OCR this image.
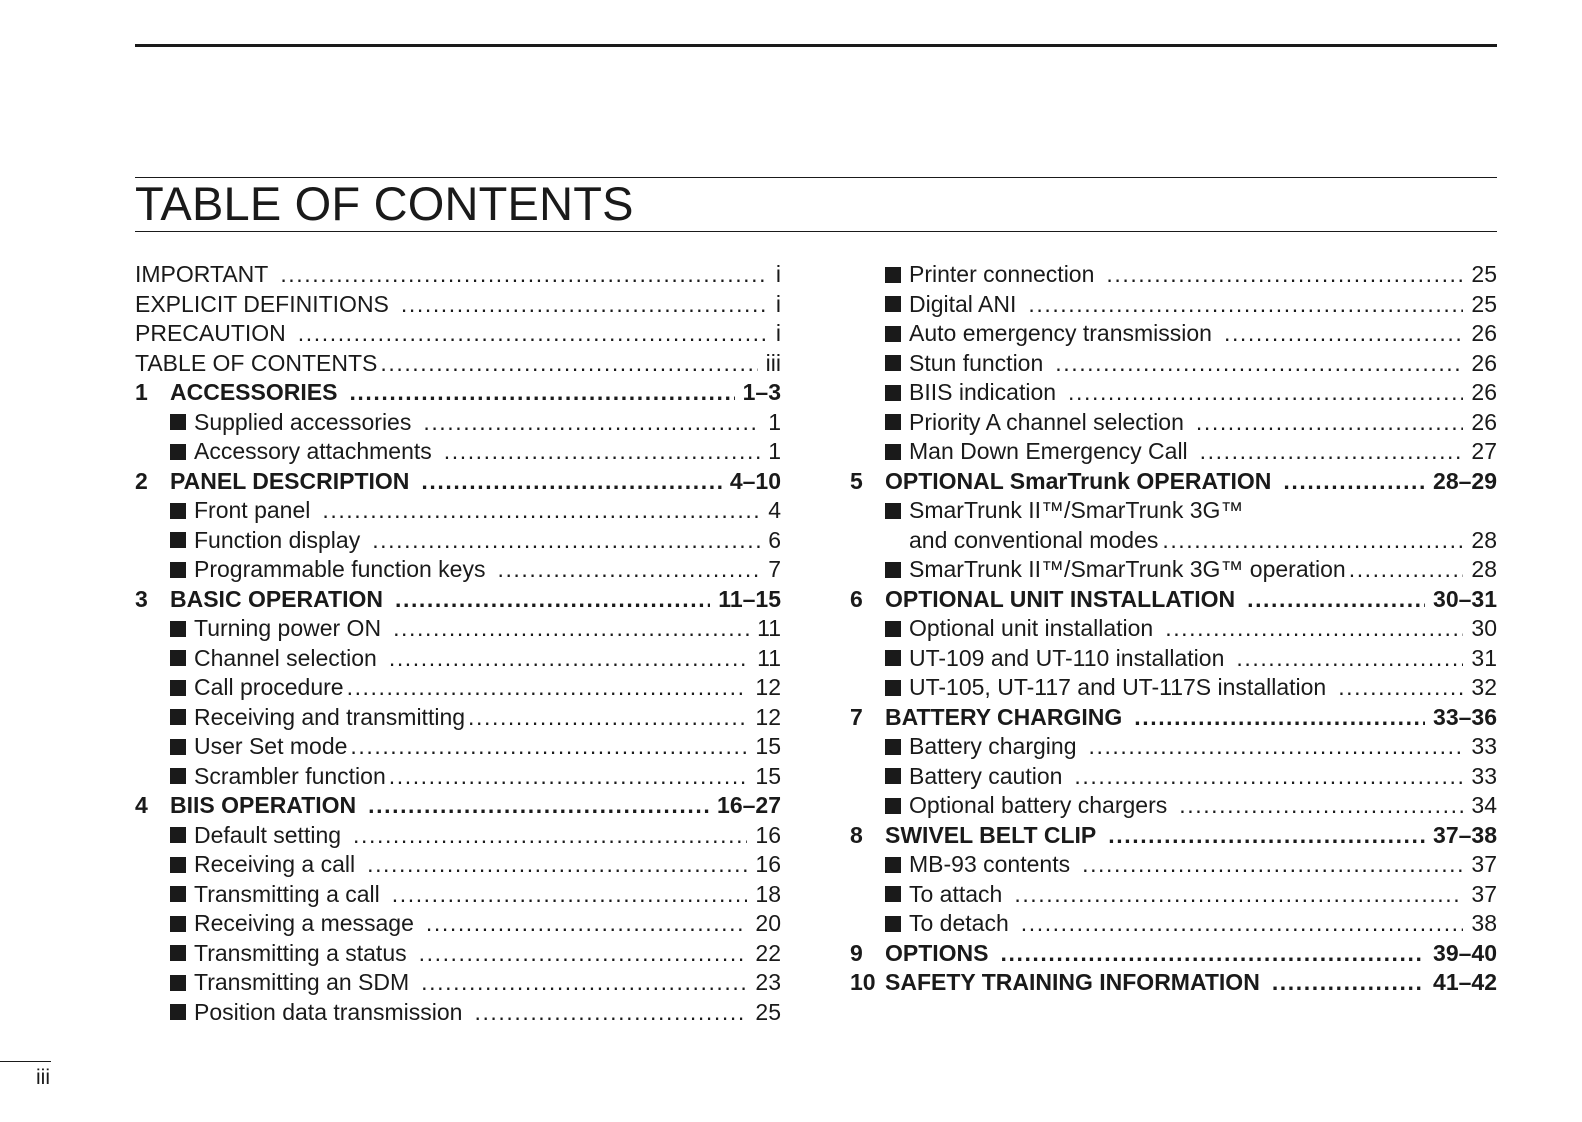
TABLE OF CONTENTS
IMPORTANT . . .	i
EXPLICIT DEFINITIONS . . .	i
PRECAUTION . . .	i
TABLE OF CONTENTS . . .	iii
1 ACCESSORIES . . .	1–3
Supplied accessories . . .	1
Accessory attachments . . .	1
2 PANEL DESCRIPTION . . .	4–10
Front panel . . .	4
Function display . . .	6
Programmable function keys . . .	7
3 BASIC OPERATION . . .	11–15
Turning power ON . . .	11
Channel selection . . .	11
Call procedure . . .	12
Receiving and transmitting . . .	12
User Set mode . . .	15
Scrambler function . . .	15
4 BIIS OPERATION . . .	16–27
Default setting . . .	16
Receiving a call . . .	16
Transmitting a call . . .	18
Receiving a message . . .	20
Transmitting a status . . .	22
Transmitting an SDM . . .	23
Position data transmission . . .	25
Printer connection . . .	25
Digital ANI . . .	25
Auto emergency transmission . . .	26
Stun function . . .	26
BIIS indication . . .	26
Priority A channel selection . . .	26
Man Down Emergency Call . . .	27
5 OPTIONAL SmarTrunk OPERATION . . .	28–29
SmarTrunk II™/SmarTrunk 3G™
and conventional modes . . .	28
SmarTrunk II™/SmarTrunk 3G™ operation . . .	28
6 OPTIONAL UNIT INSTALLATION . . .	30–31
Optional unit installation . . .	30
UT-109 and UT-110 installation . . .	31
UT-105, UT-117 and UT-117S installation . . .	32
7 BATTERY CHARGING . . .	33–36
Battery charging . . .	33
Battery caution . . .	33
Optional battery chargers . . .	34
8 SWIVEL BELT CLIP . . .	37–38
MB-93 contents . . .	37
To attach . . .	37
To detach . . .	38
9 OPTIONS . . .	39–40
10 SAFETY TRAINING INFORMATION . . .	41–42
iii
